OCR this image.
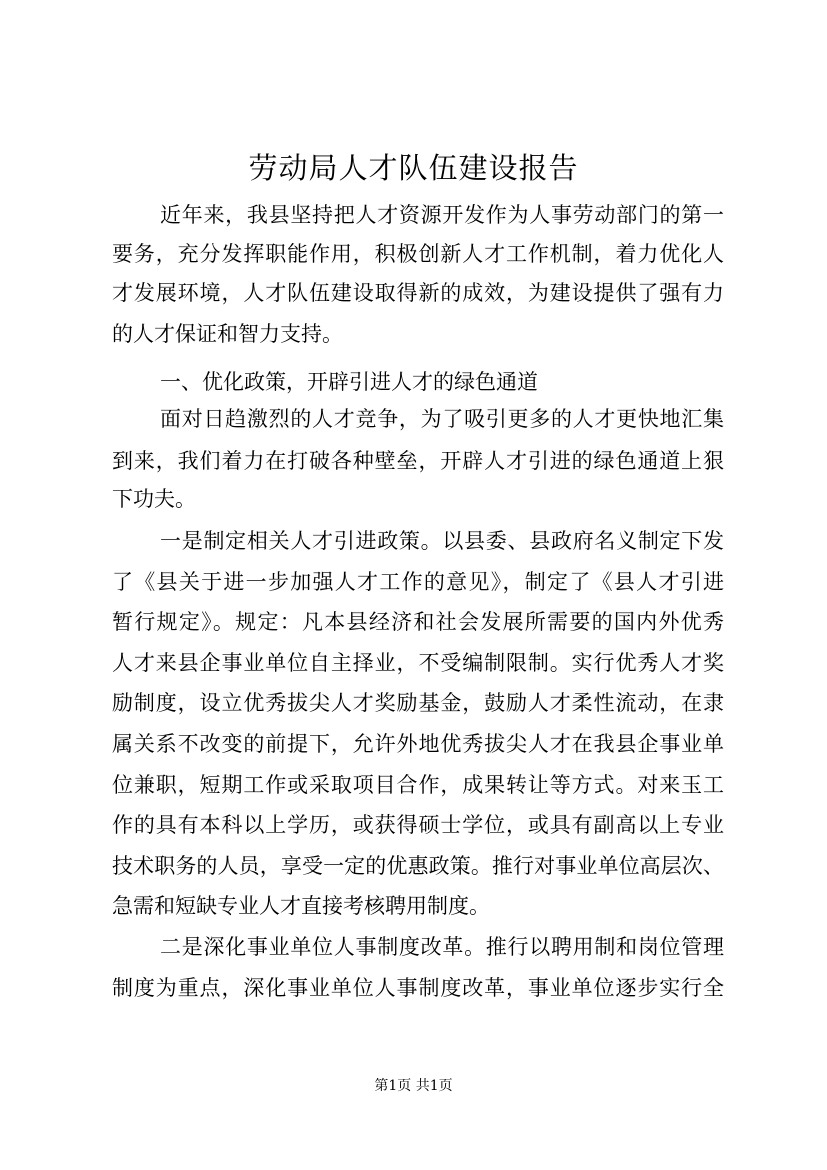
劳动局人才队伍建设报告
近年来，我县坚持把人才资源开发作为人事劳动部门的第一
要务，充分发挥职能作用，积极创新人才工作机制，着力优化人
才发展环境，人才队伍建设取得新的成效，为建设提供了强有力
的人才保证和智力支持。
一、优化政策，开辟引进人才的绿色通道
面对日趋激烈的人才竞争，为了吸引更多的人才更快地汇集
到来，我们着力在打破各种壁垒，开辟人才引进的绿色通道上狠
下功夫。
一是制定相关人才引进政策。以县委、县政府名义制定下发
了《县关于进一步加强人才工作的意见》，制定了《县人才引进
暂行规定》。规定：凡本县经济和社会发展所需要的国内外优秀
人才来县企事业单位自主择业，不受编制限制。实行优秀人才奖
励制度，设立优秀拔尖人才奖励基金，鼓励人才柔性流动，在隶
属关系不改变的前提下，允许外地优秀拔尖人才在我县企事业单
位兼职，短期工作或采取项目合作，成果转让等方式。对来玉工
作的具有本科以上学历，或获得硕士学位，或具有副高以上专业
技术职务的人员，享受一定的优惠政策。推行对事业单位高层次、
急需和短缺专业人才直接考核聘用制度。
二是深化事业单位人事制度改革。推行以聘用制和岗位管理
制度为重点，深化事业单位人事制度改革，事业单位逐步实行全
第1页 共1页
